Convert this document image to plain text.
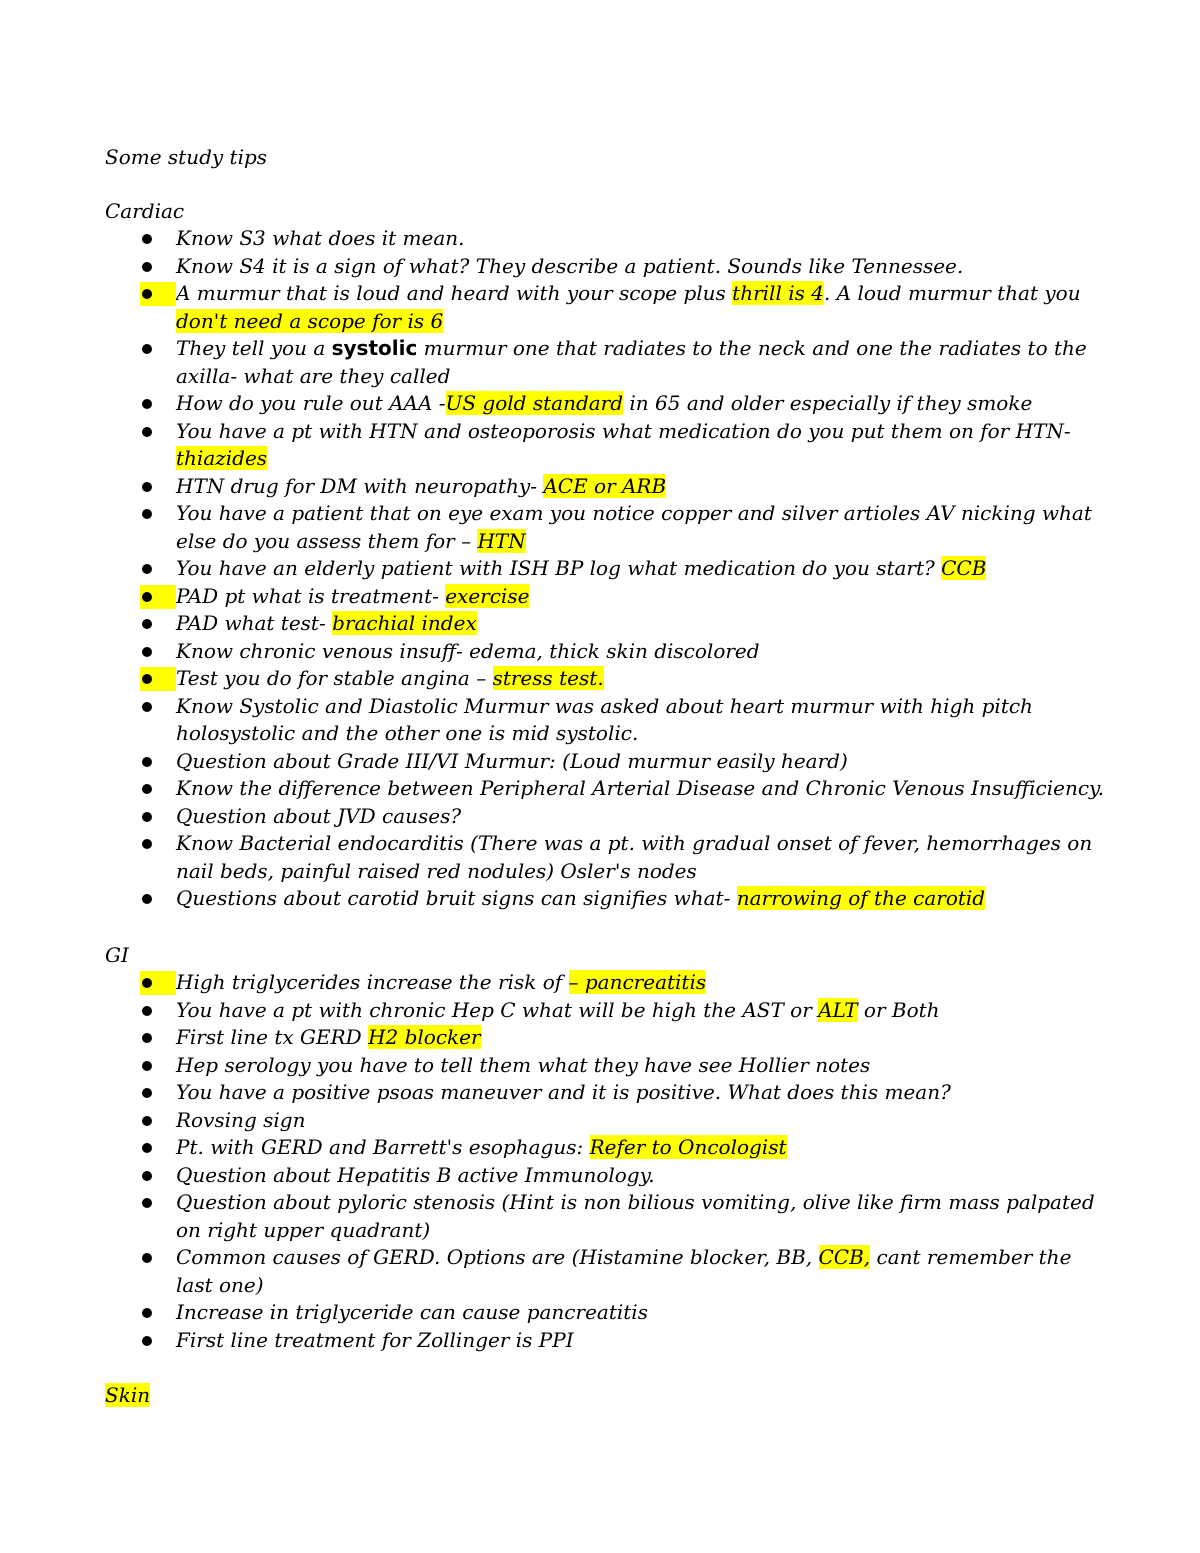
Some study tips
Cardiac
Know S3 what does it mean.
Know S4 it is a sign of what? They describe a patient. Sounds like Tennessee.
A murmur that is loud and heard with your scope plus thrill is 4. A loud murmur that you don't need a scope for is 6
They tell you a systolic murmur one that radiates to the neck and one the radiates to the axilla- what are they called
How do you rule out AAA -US gold standard in 65 and older especially if they smoke
You have a pt with HTN and osteoporosis what medication do you put them on for HTN- thiazides
HTN drug for DM with neuropathy- ACE or ARB
You have a patient that on eye exam you notice copper and silver artioles AV nicking what else do you assess them for – HTN
You have an elderly patient with ISH BP log what medication do you start? CCB
PAD pt what is treatment- exercise
PAD what test- brachial index
Know chronic venous insuff- edema, thick skin discolored
Test you do for stable angina – stress test.
Know Systolic and Diastolic Murmur was asked about heart murmur with high pitch holosystolic and the other one is mid systolic.
Question about Grade III/VI Murmur: (Loud murmur easily heard)
Know the difference between Peripheral Arterial Disease and Chronic Venous Insufficiency.
Question about JVD causes?
Know Bacterial endocarditis (There was a pt. with gradual onset of fever, hemorrhages on nail beds, painful raised red nodules) Osler's nodes
Questions about carotid bruit signs can signifies what- narrowing of the carotid
GI
High triglycerides increase the risk of – pancreatitis
You have a pt with chronic Hep C what will be high the AST or ALT or Both
First line tx GERD H2 blocker
Hep serology you have to tell them what they have see Hollier notes
You have a positive psoas maneuver and it is positive. What does this mean?
Rovsing sign
Pt. with GERD and Barrett's esophagus: Refer to Oncologist
Question about Hepatitis B active Immunology.
Question about pyloric stenosis (Hint is non bilious vomiting, olive like firm mass palpated on right upper quadrant)
Common causes of GERD. Options are (Histamine blocker, BB, CCB, cant remember the last one)
Increase in triglyceride can cause pancreatitis
First line treatment for Zollinger is PPI
Skin
